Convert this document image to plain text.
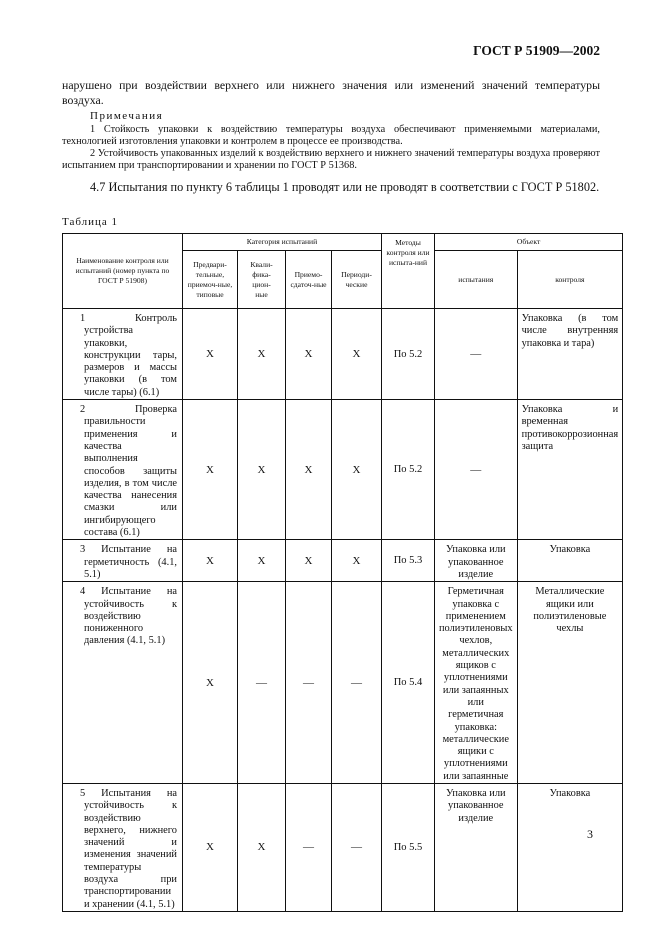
ГОСТ Р 51909—2002
нарушено при воздействии верхнего или нижнего значения или изменений значений температуры воздуха.
Примечания
1 Стойкость упаковки к воздействию температуры воздуха обеспечивают применяемыми материалами, технологией изготовления упаковки и контролем в процессе ее производства.
2 Устойчивость упакованных изделий к воздействию верхнего и нижнего значений температуры воздуха проверяют испытанием при транспортировании и хранении по ГОСТ Р 51368.
4.7 Испытания по пункту 6 таблицы 1 проводят или не проводят в соответствии с ГОСТ Р 51802.
Таблица 1
Наименование контроля или испытаний (номер пункта по ГОСТ Р 51908)	Категория испытаний				Методы контроля или испыта-ний	Объект	
	Предвари-тельные, приемоч-ные, типовые	Квали-фика-цион-ные	Приемо-сдаточ-ные	Периоди-ческие		испытания	контроля
1 Контроль устройства упаковки, конструкции тары, размеров и массы упаковки (в том числе тары) (6.1)	X	X	X	X	По 5.2	—	Упаковка (в том числе внутренняя упаковка и тара)
2 Проверка правильности применения и качества выполнения способов защиты изделия, в том числе качества нанесения смазки или ингибирующего состава (6.1)	X	X	X	X	По 5.2	—	Упаковка и временная противокоррозионная защита
3 Испытание на герметичность (4.1, 5.1)	X	X	X	X	По 5.3	Упаковка или упакованное изделие	Упаковка
4 Испытание на устойчивость к воздействию пониженного давления (4.1, 5.1)	X	—	—	—	По 5.4	Герметичная упаковка с применением полиэтиленовых чехлов, металлических ящиков с уплотнениями или запаянных или герметичная упаковка: металлические ящики с уплотнениями или запаянные	Металлические ящики или полиэтиленовые чехлы
5 Испытания на устойчивость к воздействию верхнего, нижнего значений и изменения значений температуры воздуха при транспортировании и хранении (4.1, 5.1)	X	X	—	—	По 5.5	Упаковка или упакованное изделие	Упаковка
3
